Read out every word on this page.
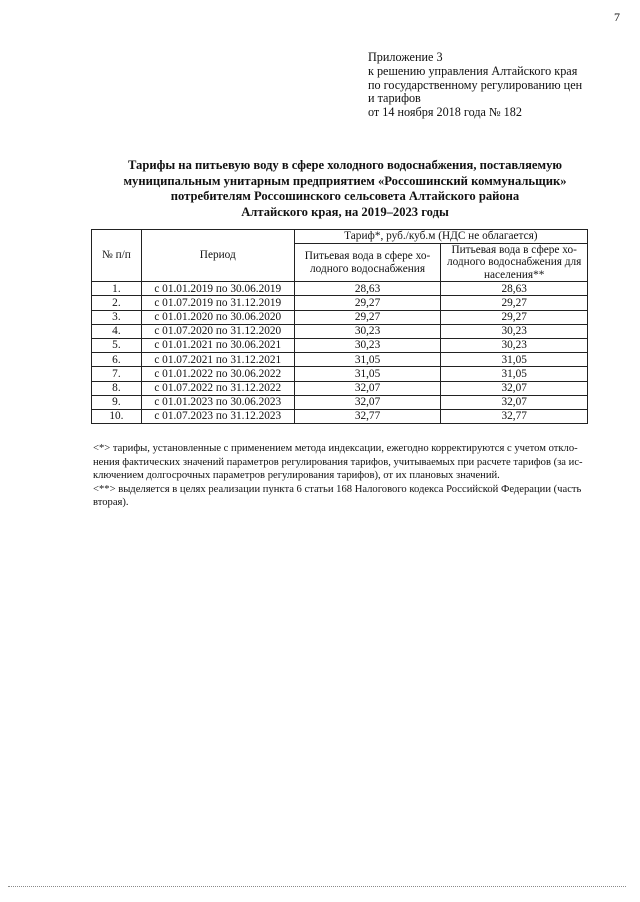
7
Приложение 3
к решению управления Алтайского края
по государственному регулированию цен
и тарифов
от 14 ноября 2018 года № 182
Тарифы на питьевую воду в сфере холодного водоснабжения, поставляемую
муниципальным унитарным предприятием «Россошинский коммунальщик»
потребителям Россошинского сельсовета Алтайского района
Алтайского края, на 2019–2023 годы
№ п/п	Период	Тариф*, руб./куб.м (НДС не облагается)	
		Питьевая вода в сфере хо-лодного водоснабжения	Питьевая вода в сфере хо-лодного водоснабжения для населения**
1.	с 01.01.2019 по 30.06.2019	28,63	28,63
2.	с 01.07.2019 по 31.12.2019	29,27	29,27
3.	с 01.01.2020 по 30.06.2020	29,27	29,27
4.	с 01.07.2020 по 31.12.2020	30,23	30,23
5.	с 01.01.2021 по 30.06.2021	30,23	30,23
6.	с 01.07.2021 по 31.12.2021	31,05	31,05
7.	с 01.01.2022 по 30.06.2022	31,05	31,05
8.	с 01.07.2022 по 31.12.2022	32,07	32,07
9.	с 01.01.2023 по 30.06.2023	32,07	32,07
10.	с 01.07.2023 по 31.12.2023	32,77	32,77

<*> тарифы, установленные с применением метода индексации, ежегодно корректируются с учетом откло-нения фактических значений параметров регулирования тарифов, учитываемых при расчете тарифов (за ис-ключением долгосрочных параметров регулирования тарифов), от их плановых значений.

<**> выделяется в целях реализации пункта 6 статьи 168 Налогового кодекса Российской Федерации (часть вторая).
